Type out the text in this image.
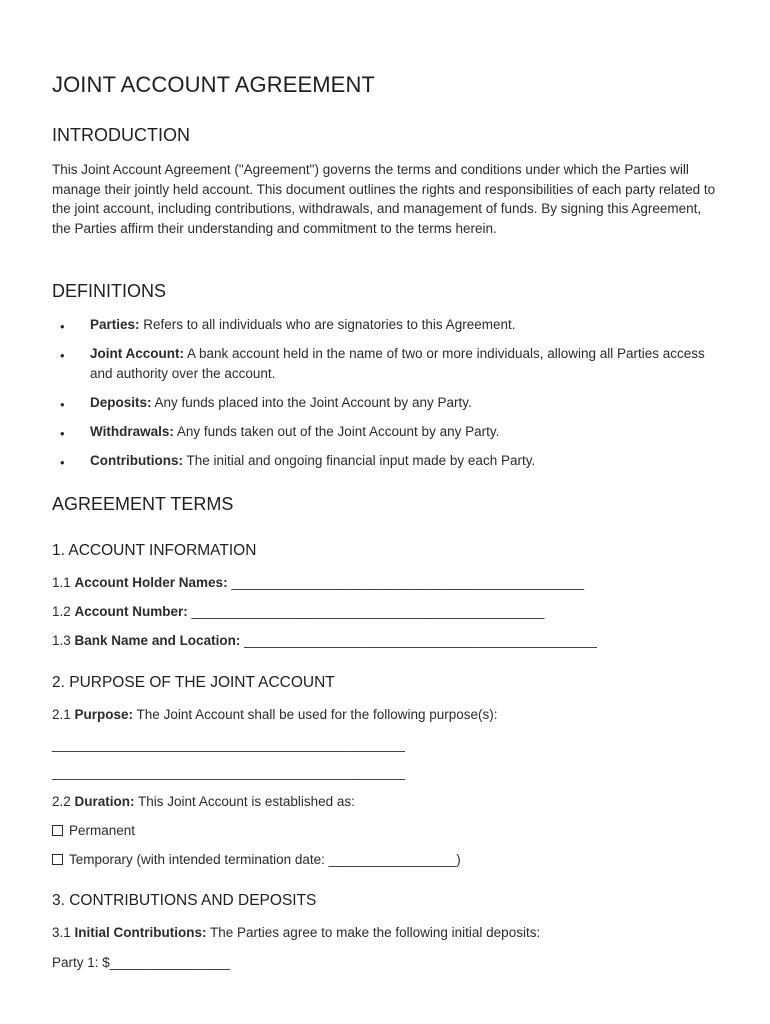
JOINT ACCOUNT AGREEMENT
INTRODUCTION
This Joint Account Agreement ("Agreement") governs the terms and conditions under which the Parties will manage their jointly held account. This document outlines the rights and responsibilities of each party related to the joint account, including contributions, withdrawals, and management of funds. By signing this Agreement, the Parties affirm their understanding and commitment to the terms herein.
DEFINITIONS
• Parties: Refers to all individuals who are signatories to this Agreement.
• Joint Account: A bank account held in the name of two or more individuals, allowing all Parties access and authority over the account.
• Deposits: Any funds placed into the Joint Account by any Party.
• Withdrawals: Any funds taken out of the Joint Account by any Party.
• Contributions: The initial and ongoing financial input made by each Party.
AGREEMENT TERMS
1. ACCOUNT INFORMATION
1.1 Account Holder Names: _______________________________________________
1.2 Account Number: _______________________________________________
1.3 Bank Name and Location: _______________________________________________
2. PURPOSE OF THE JOINT ACCOUNT
2.1 Purpose: The Joint Account shall be used for the following purpose(s):
_______________________________________________
_______________________________________________
2.2 Duration: This Joint Account is established as:
Permanent
Temporary (with intended termination date: _________________)
3. CONTRIBUTIONS AND DEPOSITS
3.1 Initial Contributions: The Parties agree to make the following initial deposits:
Party 1: $________________
